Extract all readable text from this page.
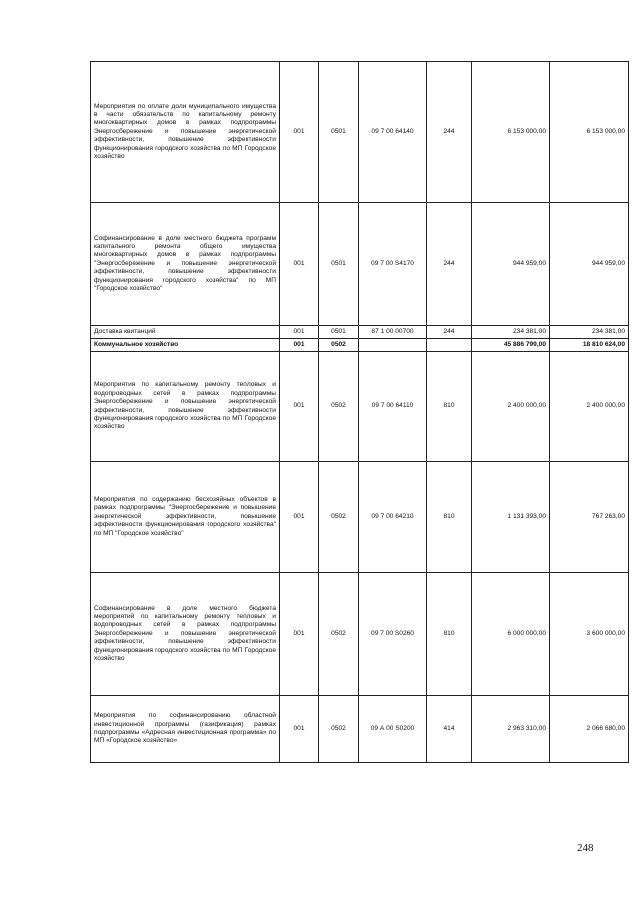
Мероприятия по оплате доли муниципального имущества в части обязательств по капитальному ремонту многоквартирных домов в рамках подпрограммы Энергосбережение и повышение энергетической эффективности, повышение эффективности функционирования городского хозяйства по МП Городское хозяйство	001	0501	09 7 00 64140	244	6 153 000,00	6 153 000,00
Софинансирование в доле местного бюджета программ капитального ремонта общего имущества многоквартирных домов в рамках подпрограммы "Энергосбережение и повышение энергетической эффективности, повышение эффективности функционирования городского хозяйства" по МП "Городское хозяйство"	001	0501	09 7 00 S4170	244	944 959,00	944 959,00
Доставка квитанций	001	0501	87 1 00 00700	244	234 381,00	234 381,00
Коммунальное хозяйство	001	0502			45 886 799,00	18 810 624,00
Мероприятия по капитальному ремонту тепловых и водопроводных сетей в рамках подпрограммы Энергосбережение и повышение энергетической эффективности, повышение эффективности функционирования городского хозяйства по МП Городское хозяйство	001	0502	09 7 00 64110	810	2 400 000,00	2 400 000,00
Мероприятия по содержанию бесхозяйных объектов в рамках подпрограммы "Энергосбережение и повышение энергетической эффективности, повышение эффективности функционирования городского хозяйства" по МП "Городское хозяйство"	001	0502	09 7 00 64210	810	1 131 393,00	767 263,00
Софинансирование в доле местного бюджета мероприятий по капитальному ремонту тепловых и водопроводных сетей в рамках подпрограммы Энергосбережение и повышение энергетической эффективности, повышение эффективности функционирования городского хозяйства по МП Городское хозяйство	001	0502	09 7 00 S0260	810	6 000 000,00	3 600 000,00
Мероприятия по софинансированию областной инвестиционной программы (газификация) рамках подпрограммы «Адресная инвестиционная программа» по МП «Городское хозяйство»	001	0502	09 А 00 S0200	414	2 963 310,00	2 066 680,00
248
